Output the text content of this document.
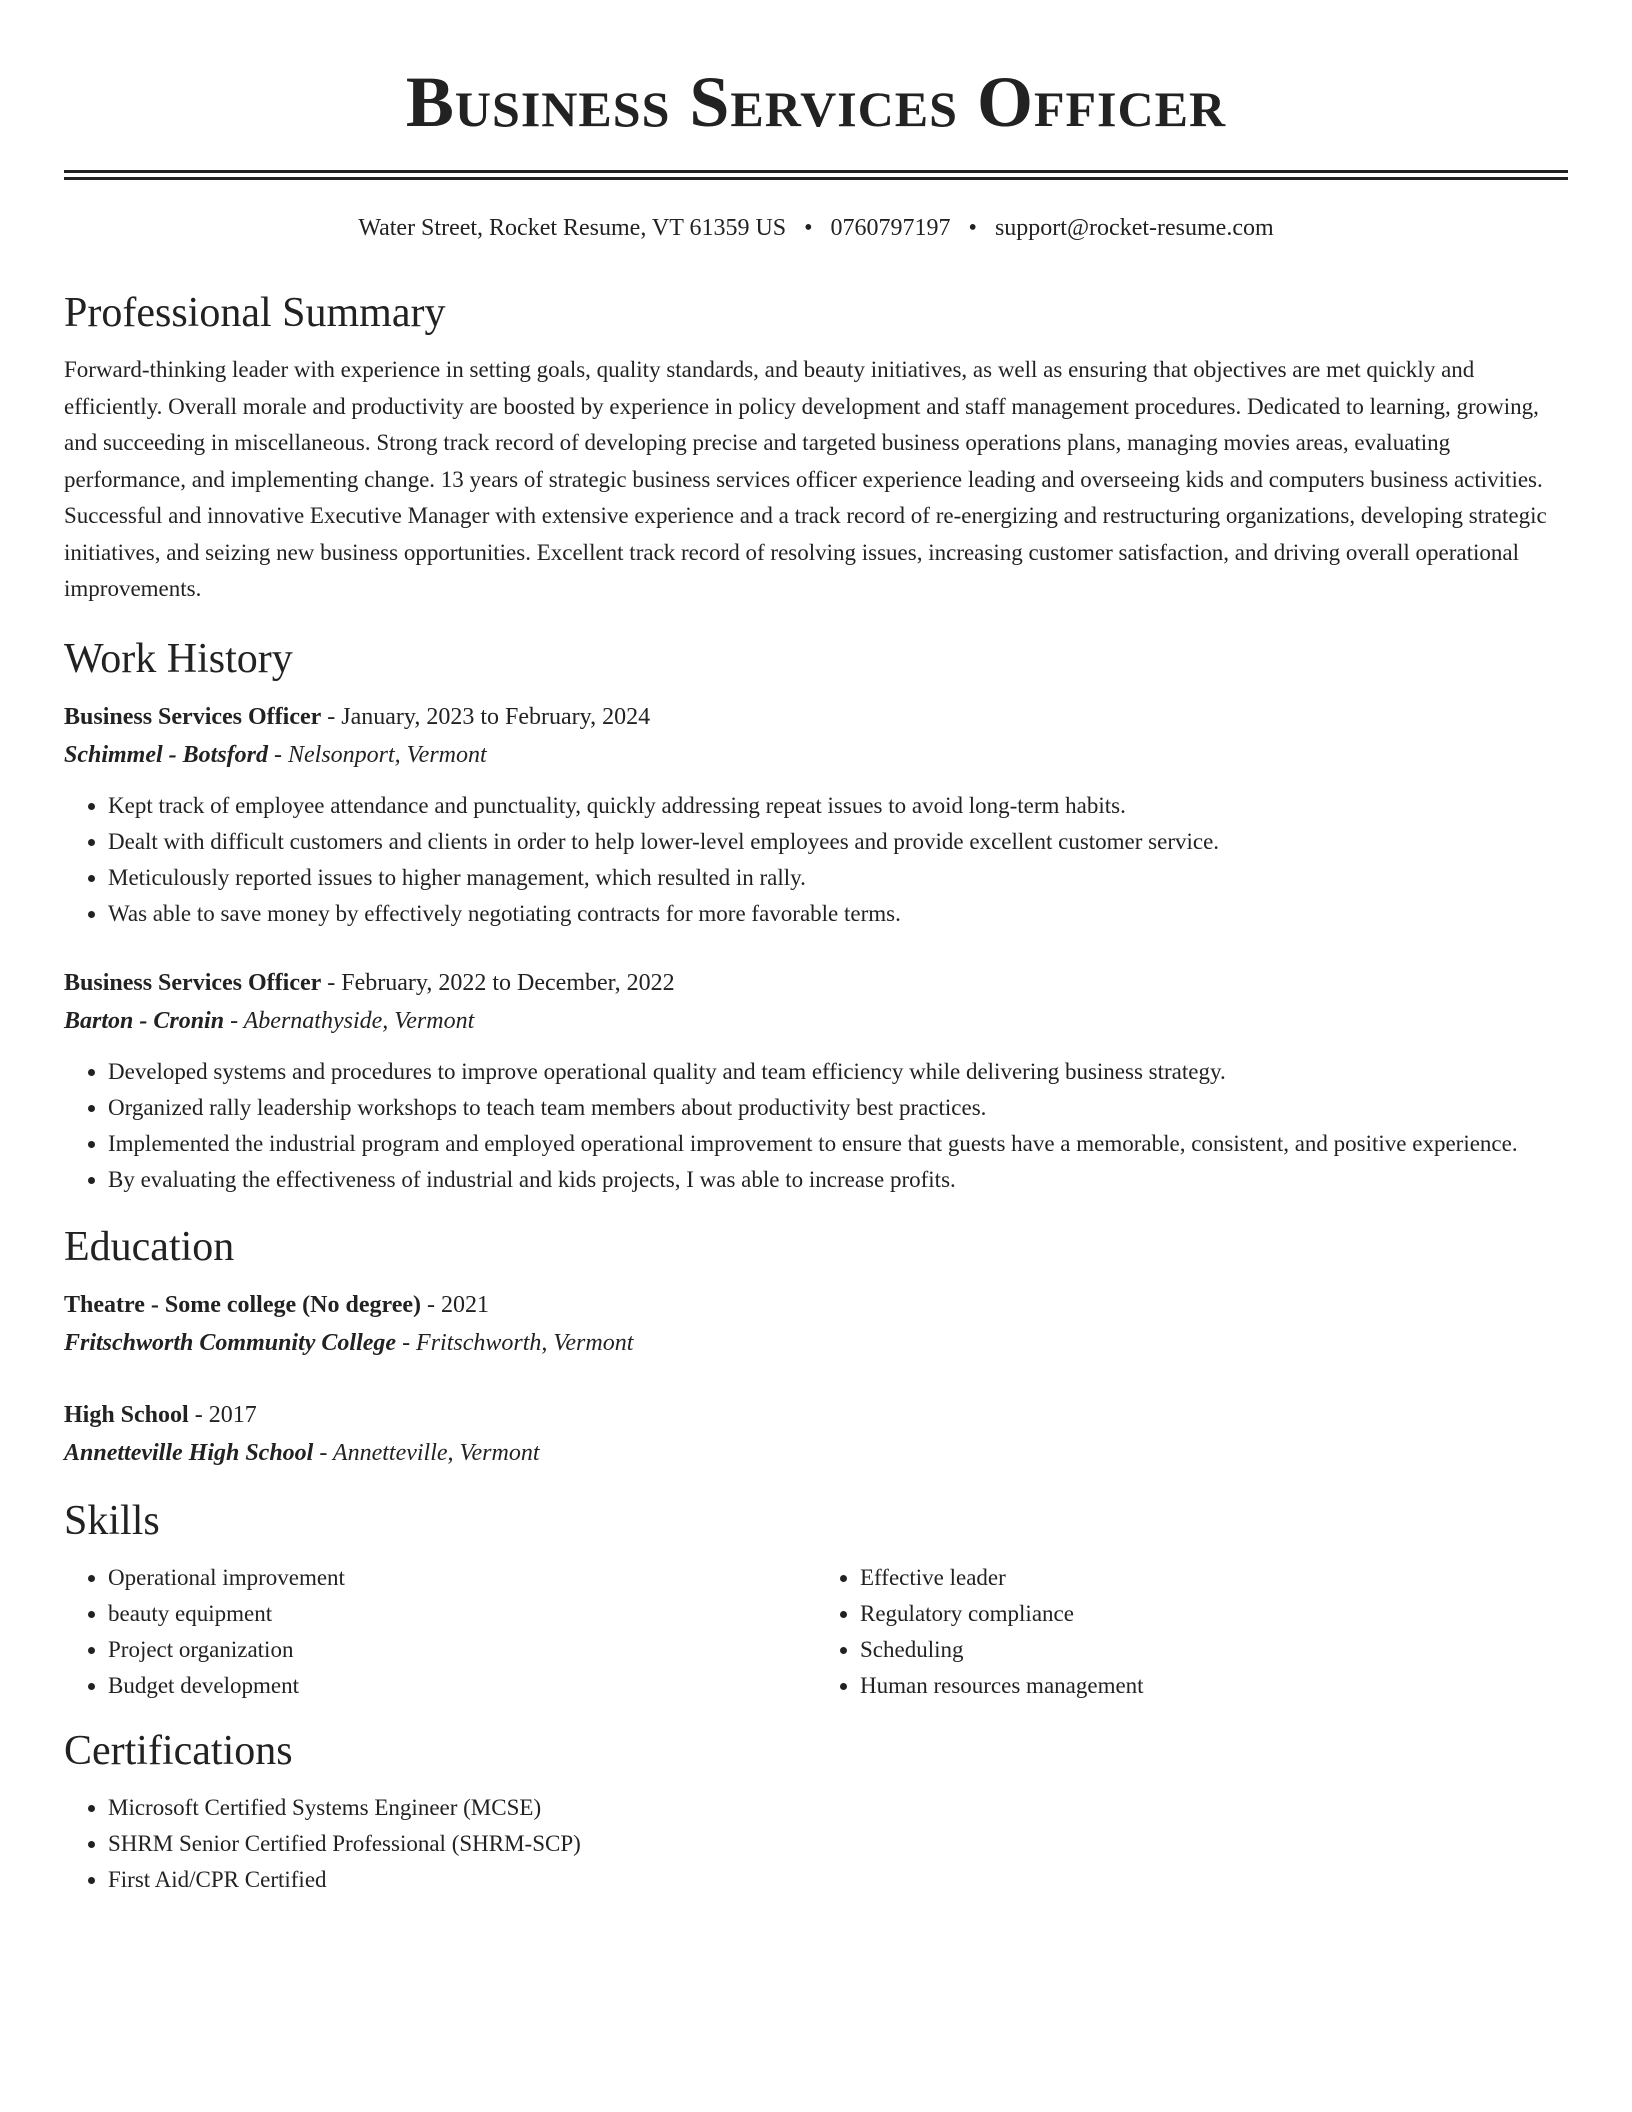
Business Services Officer
Water Street, Rocket Resume, VT 61359 US • 0760797197 • support@rocket-resume.com
Professional Summary

Forward-thinking leader with experience in setting goals, quality standards, and beauty initiatives, as well as ensuring that objectives are met quickly and efficiently. Overall morale and productivity are boosted by experience in policy development and staff management procedures. Dedicated to learning, growing, and succeeding in miscellaneous. Strong track record of developing precise and targeted business operations plans, managing movies areas, evaluating performance, and implementing change. 13 years of strategic business services officer experience leading and overseeing kids and computers business activities. Successful and innovative Executive Manager with extensive experience and a track record of re-energizing and restructuring organizations, developing strategic initiatives, and seizing new business opportunities. Excellent track record of resolving issues, increasing customer satisfaction, and driving overall operational improvements.

Work History
Business Services Officer - January, 2023 to February, 2024
Schimmel - Botsford - Nelsonport, Vermont
• Kept track of employee attendance and punctuality, quickly addressing repeat issues to avoid long-term habits.
• Dealt with difficult customers and clients in order to help lower-level employees and provide excellent customer service.
• Meticulously reported issues to higher management, which resulted in rally.
• Was able to save money by effectively negotiating contracts for more favorable terms.
Business Services Officer - February, 2022 to December, 2022
Barton - Cronin - Abernathyside, Vermont
• Developed systems and procedures to improve operational quality and team efficiency while delivering business strategy.
• Organized rally leadership workshops to teach team members about productivity best practices.
• Implemented the industrial program and employed operational improvement to ensure that guests have a memorable, consistent, and positive experience.
• By evaluating the effectiveness of industrial and kids projects, I was able to increase profits.
Education
Theatre - Some college (No degree) - 2021
Fritschworth Community College - Fritschworth, Vermont
High School - 2017
Annetteville High School - Annetteville, Vermont
Skills
• Operational improvement
• beauty equipment
• Project organization
• Budget development
• Effective leader
• Regulatory compliance
• Scheduling
• Human resources management
Certifications
• Microsoft Certified Systems Engineer (MCSE)
• SHRM Senior Certified Professional (SHRM-SCP)
• First Aid/CPR Certified
